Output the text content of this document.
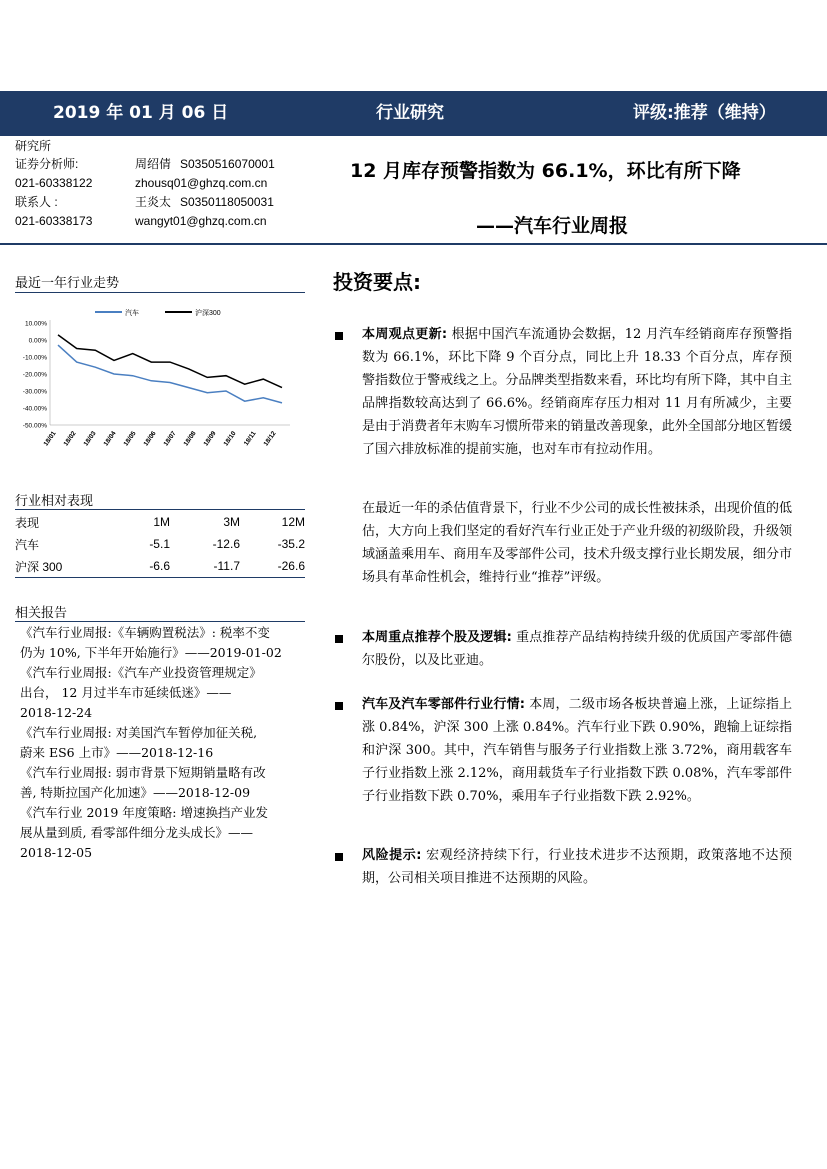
2019 年 01 月 06 日	行业研究	评级:推荐（维持）
研究所
证券分析师:	周绍倩 S0350516070001
021-60338122	zhousq01@ghzq.com.cn
联系人 :	王炎太 S0350118050031
021-60338173	wangyt01@ghzq.com.cn
12 月库存预警指数为 66.1%，环比有所下降
——汽车行业周报
最近一年行业走势
汽车	沪深300
10.00%
0.00%
-10.00%
-20.00%
-30.00%
-40.00%
-50.00%
18/01 18/02 18/03 18/04 18/05 18/06 18/07 18/08 18/09 18/10 18/11 18/12
行业相对表现
表现	1M	3M	12M
汽车	-5.1	-12.6	-35.2
沪深 300	-6.6	-11.7	-26.6
相关报告
《汽车行业周报:《车辆购置税法》: 税率不变
仍为 10%, 下半年开始施行》——2019-01-02
《汽车行业周报:《汽车产业投资管理规定》
出台， 12 月过半车市延续低迷》——
2018-12-24
《汽车行业周报: 对美国汽车暂停加征关税,
蔚来 ES6 上市》——2018-12-16
《汽车行业周报: 弱市背景下短期销量略有改
善, 特斯拉国产化加速》——2018-12-09
《汽车行业 2019 年度策略: 增速换挡产业发
展从量到质, 看零部件细分龙头成长》——
2018-12-05
投资要点:
本周观点更新: 根据中国汽车流通协会数据，12 月汽车经销商库存预警指数为 66.1%，环比下降 9 个百分点，同比上升 18.33 个百分点，库存预警指数位于警戒线之上。分品牌类型指数来看，环比均有所下降，其中自主品牌指数较高达到了 66.6%。经销商库存压力相对 11 月有所减少，主要是由于消费者年末购车习惯所带来的销量改善现象，此外全国部分地区暂缓了国六排放标准的提前实施，也对车市有拉动作用。
在最近一年的杀估值背景下，行业不少公司的成长性被抹杀，出现价值的低估，大方向上我们坚定的看好汽车行业正处于产业升级的初级阶段，升级领域涵盖乘用车、商用车及零部件公司，技术升级支撑行业长期发展，细分市场具有革命性机会，维持行业“推荐”评级。
本周重点推荐个股及逻辑: 重点推荐产品结构持续升级的优质国产零部件德尔股份，以及比亚迪。
汽车及汽车零部件行业行情: 本周，二级市场各板块普遍上涨，上证综指上涨 0.84%，沪深 300 上涨 0.84%。汽车行业下跌 0.90%，跑输上证综指和沪深 300。其中，汽车销售与服务子行业指数上涨 3.72%，商用载客车子行业指数上涨 2.12%，商用载货车子行业指数下跌 0.08%，汽车零部件子行业指数下跌 0.70%，乘用车子行业指数下跌 2.92%。
风险提示: 宏观经济持续下行，行业技术进步不达预期，政策落地不达预期，公司相关项目推进不达预期的风险。
